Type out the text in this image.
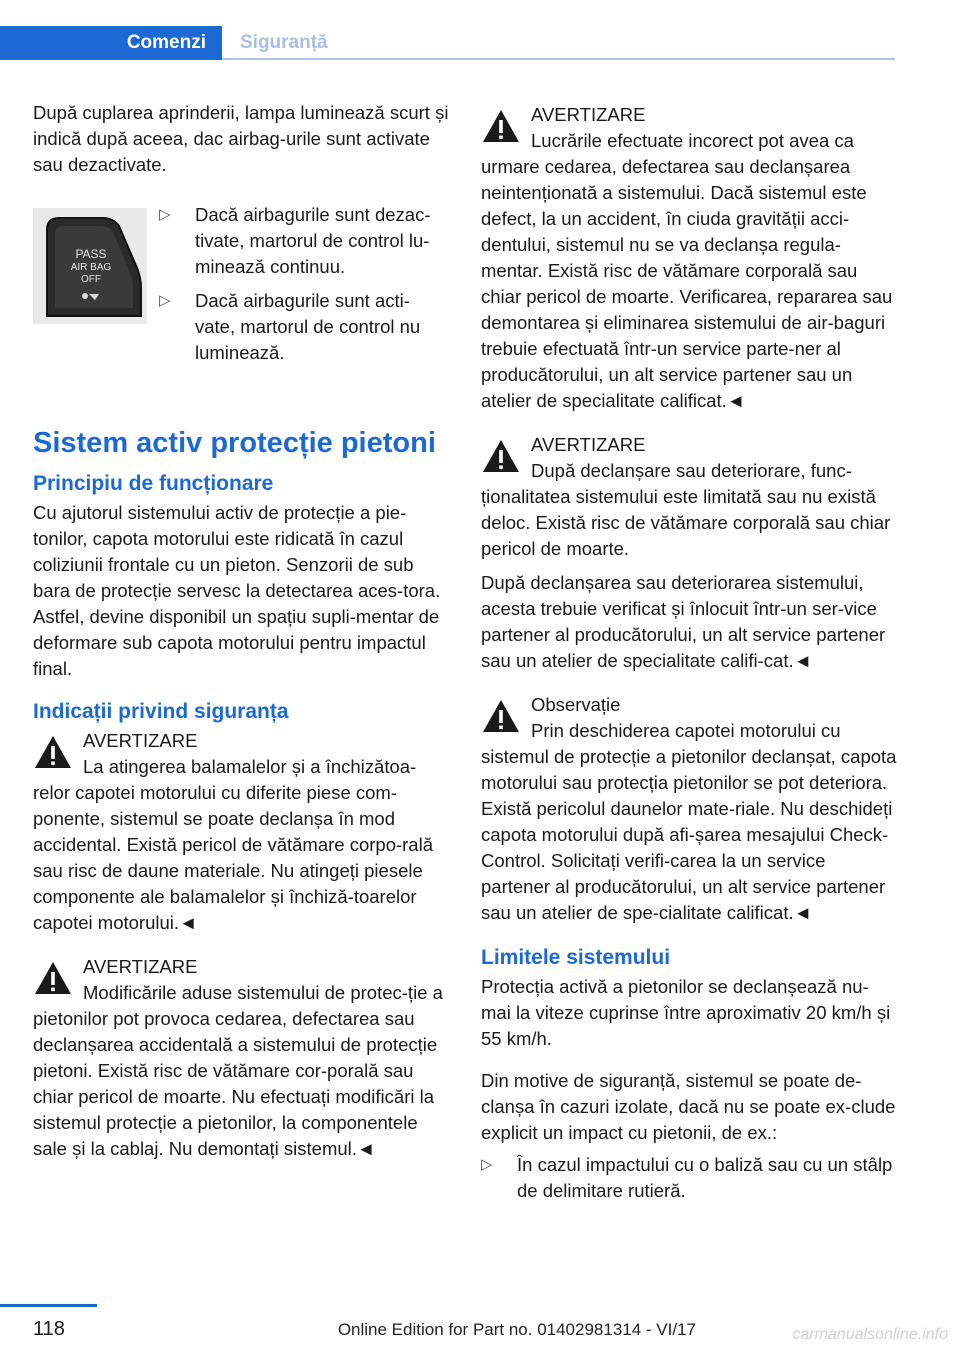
Comenzi	Siguranță

După cuplarea aprinderii, lampa luminează scurt și indică după aceea, dac airbag-urile sunt activate sau dezactivate.

PASS
AIR BAG
OFF
▷	Dacă airbagurile sunt dezac-tivate, martorul de control lu-minează continuu.
▷	Dacă airbagurile sunt acti-vate, martorul de control nu luminează.
Sistem activ protecție pietoni
Principiu de funcționare

Cu ajutorul sistemului activ de protecție a pie-tonilor, capota motorului este ridicată în cazul coliziunii frontale cu un pieton. Senzorii de sub bara de protecție servesc la detectarea aces-tora. Astfel, devine disponibil un spațiu supli-mentar de deformare sub capota motorului pentru impactul final.

Indicații privind siguranța
AVERTIZARE
La atingerea balamalelor și a închizătoa-relor capotei motorului cu diferite piese com-ponente, sistemul se poate declanșa în mod accidental. Există pericol de vătămare corpo-rală sau risc de daune materiale. Nu atingeți piesele componente ale balamalelor și închiză-toarelor capotei motorului.◄
AVERTIZARE
Modificările aduse sistemului de protec-ție a pietonilor pot provoca cedarea, defectarea sau declanșarea accidentală a sistemului de protecție pietoni. Există risc de vătămare cor-porală sau chiar pericol de moarte. Nu efectuați modificări la sistemul protecție a pietonilor, la componentele sale și la cablaj. Nu demontați sistemul.◄
AVERTIZARE
Lucrările efectuate incorect pot avea ca urmare cedarea, defectarea sau declanșarea neintenționată a sistemului. Dacă sistemul este defect, la un accident, în ciuda gravității acci-dentului, sistemul nu se va declanșa regula-mentar. Există risc de vătămare corporală sau chiar pericol de moarte. Verificarea, repararea sau demontarea și eliminarea sistemului de air-baguri trebuie efectuată într-un service parte-ner al producătorului, un alt service partener sau un atelier de specialitate calificat.◄
AVERTIZARE
După declanșare sau deteriorare, func-ționalitatea sistemului este limitată sau nu există deloc. Există risc de vătămare corporală sau chiar pericol de moarte.
După declanșarea sau deteriorarea sistemului, acesta trebuie verificat și înlocuit într-un ser-vice partener al producătorului, un alt service partener sau un atelier de specialitate califi-cat.◄
Observație
Prin deschiderea capotei motorului cu sistemul de protecție a pietonilor declanșat, capota motorului sau protecția pietonilor se pot deteriora. Există pericolul daunelor mate-riale. Nu deschideți capota motorului după afi-șarea mesajului Check-Control. Solicitați verifi-carea la un service partener al producătorului, un alt service partener sau un atelier de spe-cialitate calificat.◄
Limitele sistemului

Protecția activă a pietonilor se declanșează nu-mai la viteze cuprinse între aproximativ 20 km/h și 55 km/h.

Din motive de siguranță, sistemul se poate de-clanșa în cazuri izolate, dacă nu se poate ex-clude explicit un impact cu pietonii, de ex.:

▷	În cazul impactului cu o baliză sau cu un stâlp de delimitare rutieră.
118	Online Edition for Part no. 01402981314 - VI/17	carmanualsonline.info
